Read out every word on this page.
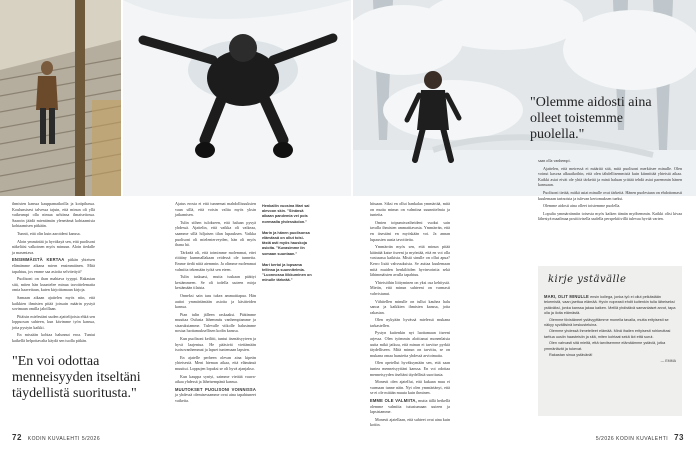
ihmisten kanssa kauppamatkoilla ja kotipihassa. Koulunsisest talvessa tajuin, että minun oli yllä vaikeampi olla nimua urhiinsa ilmaiseitossa. Saaroin jäädä mientämän ylenetämä kohtaamisia kohtaamisen pitkään.

Tunnit, että olin kuin aaroideni kanssa.

Aloin ymmärtää ja hyväksyä sen, että puolisoni näkeläisi valkoinen myös minuun. Aloin tiedalle ja masentava.

ENSIMMÄISTÄ KERTAA pitkän yhteisen elämämme aikana miern ensimmäinen. Mitä tapahtuu, jos emme saa asioita selvitettyä?

Puolisonі on ihan mahtava tyyppi. Rakastan sitä, miten hän kuuntelee minua tavoittelematta omia haaveitaan, kuten kirjoittamaan kirjoja.

Samaan aikaan ajattelen myös niin, että kaikkien ihmisten pitää joissain määrin pystyä sovimaan omilla jaloillaan.

Pitäisin mielestäni uuden ajattelijoista ehkä sen loppuosan suhteen, kun kävimme työn kanssa, jotta pystyin kaikki.

En missään kohtaa halunnut eroa. Tuntui kaikellä helpottavalta käydä sen tuolla pitkän.

"En voi odottaa menneisyyden itseltäni täydellistä suoritusta."

Ajatus erosta ei että tunnemat mahdollisuuksien vaan sillä, että voisin valita myös yksin jatkamisen.

Tulin siihen tulokseen, että haluan pysyä yhdessä. Ajattelin, että vaikka oli vaikeaa, saamme sillä hiljaisen tilan lupauksen. Vaikka puolisoni oli mielenterveyden, hän oli myös ihana hä.

Tärkeää oli, että toimimme molemmat, ettei riittäny kummallakaan reidessä ole tunnetta. Emme tiedä niitä aiemmin. Ja olimme molemmat valmiita tekemään työtä sen eteen.

Tulin tuskuasi, mutta tuskaan päättyi kestämmeen. Se oli todella uuteen mirja kestämään tilaista.

Onneksi sain taas tukea ammattiapua. Hän auttoi ymmärtämään asioita ja käsitteiden kanssa.

Pian tulin jälleen raskaaksi. Päätimme muuttaa Oulusta lähemmäs vanhempiamme ja sisaruksiamme. Tulevalle viikolle halusimme nostaa luottamuksellisen kodin kanssa.

Kun puolisoni keilitti, tuntui itsenäisyyteen ja hyvä laajentua. He pääsivät viettämään isoisovanhemmat ja lapset tuntemaan lapsien.

En ajatelle perheen olevan aina kipeän yhteisestä. Meni hieman aikaa, että elämänsä muuttui. Loppujen lopuksi se oli hyvä ajanjakso.

Kun kauppa syntyi, saimme viettää vauva-aikaa yhdessä ja läheisempänä kanssa.

MUUTOKSET PUOLISONI VOINNISSA ja yhdessä olemisessamme ovat aina tapahtuneet vaikeita.

Henkailin vuosina Mari sai alevoon skin. "Sinänsä aikaan pandemia vei pois normaalia yhdessäolon."
Marin ja hänen puolisonsa elämässä on ollut toisi-tästä asti myös hauskoja asioita. "Kuvasimme iin somaan suuntaan."
Mari kertoi ja lopsama tellinsa ja suunnitelmia. "Luonnossa liikkuminen on minulle tärkeää."

hituaan. Siksi en ollut hankalaa ymmärtää, mitä on mutta minun on valmiina suunnitelmia ja tunteita.

Omien toipumisvaiheideni vuoksi sain tavalla ihmisten ammattiavasta. Ymmärrän, että en itsestäni en myöskään voi. Ja annan lupausien uusia tavoitteita.

Ymmärrän myös sen, että minun pitää kääntää katse itseeni ja myöntää, että en voi olla vastuussa kaikista. Mistä sinulle on ollut apua? Kerro lisää vahvuuksista. Se auttaa kuulemaan mitä muiden henkilöiden hyvinvointia sekä lähimmäisten avulla tapahtuu.

Yhteisöihin liittyminen on yksi osa kehitystä. Mietin, että minun suhteeni on varmasti vahvistunut.

Vähitellen minulle on tullut kauhea halu sanoa ja kaikkien ihmisten kanssa, joita rakastan.

Olen nykyään hyvässä mielessä mukana tarkastellen.

Pystyn kuitenkin nyt luottamaan itseeni arjessa. Olen työmmin aloittanut monenlaisia uutta mikä jatkuu, että minun ei tarvitse pyrkiä täydelliseen. Mitä minun on tarvittu, se on mukana omaa haastetta yhdessä arvioimatta.

Olen opetellut hyväksymään sen, että saan tuntea menneisyyttäni kanssa. En voi odottaa menneisyyden itseltäni täydellistä suoritusta.

Monesti olen ajatellut, että kukaan muu ei varmaan tunne näin. Nyt olen ymmärtänyt, että se ei ole mitään muuta kuin ihminen.

EMME OLE VALMIITA, mutta tällä hetkellä olemme valmiita tutustumaan uuteen ja lapsistamme.

Monesti ajatellaan, että suhteet ovat aina kuin kotiin.

"Olemme aidosti aina olleet toistemme puolella."

saan olla vanhempi.

Ajattelen, että meiressä ei määritä sitä, mitä puolisoni merkitsee minulle. Olen voinut kasvaa alkuaikoihin, että olen tähdellisemmistä kuin kiinnittää yhteistä aikaa. Kaikki asiat eivät ole yhtä tärkeitä ja minä haluan yrittää tehdä asiat paremmin hänen kanssaan.

Puolisoni tietää, mitkä asiat minulle ovat tärkeitä. Hänen puolestaan on ehdottomasti kuulemaan tarinoista ja tulevan kertomuksen tueksi.

Olemme aidosti aina olleet toistemme puolella.

Lopulta ymmärränniin toisesta myös kaiken tämän myöhemmin. Kaikki olisi kivaa lähestyä maailmaa positiivisella uudella perspektiivillä tulevaa hyvää varten.

kirje ystävälle

MARI, OLIT MINULLE ensin kollega, jonka työ ei ollut pelkästään tekemistä, vaan jaettua elämää. Hyvin nopeasti ehdit kuitenkin tulla läheiseksi ystäväksi, jonka kanssa jakaa kaiken. Meillä yhdistävä samanlaiset arvot, tapa olla ja iloita elämästä.

Olemme tiivistäneet ystävyyttämme monella tavalla, mutta erityisesti se näkyy syvällisinä keskusteluina.

Olemme yhdessä ihmetelleet elämää. Minä ihailen erityisesti rohkeuttasi tarttua uusiin haasteisiin ja sitä, miten kohtaat sekä ilot että surut.

Olen vahvasti sitä mieltä, että tarvitsemme elämäämme ystäviä, jotka ymmärtävät ja tukevat.

Rakastan sinua ystävänä!

— EMMA
72 KODIN KUVALEHTI 5/2026	5/2026 KODIN KUVALEHTI 73
